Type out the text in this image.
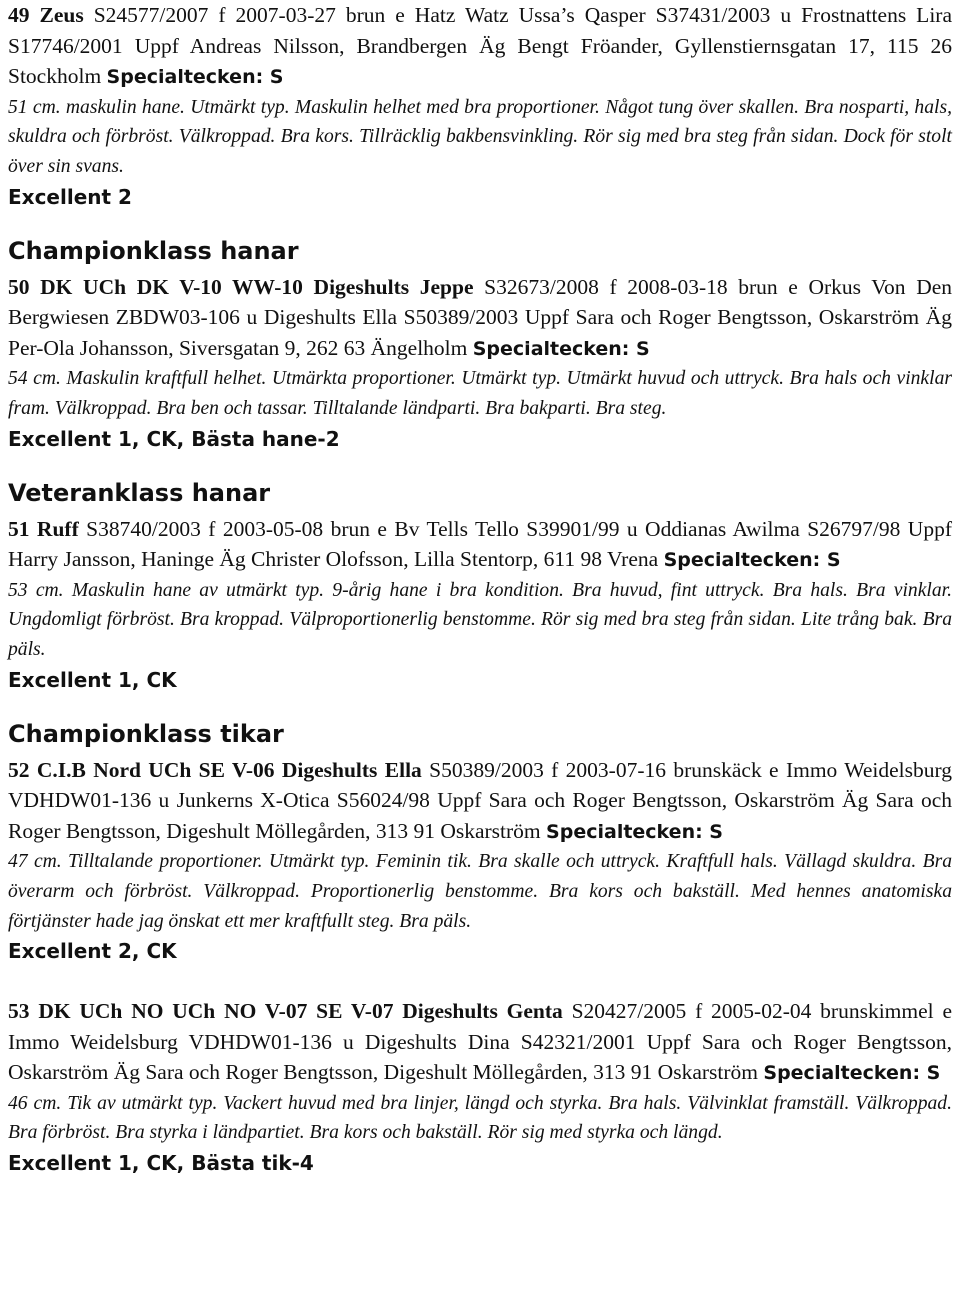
49 Zeus S24577/2007 f 2007-03-27 brun e Hatz Watz Ussa’s Qasper S37431/2003 u Frostnattens Lira S17746/2001 Uppf Andreas Nilsson, Brandbergen Äg Bengt Fröander, Gyllenstiernsgatan 17, 115 26 Stockholm Specialtecken: S

51 cm. maskulin hane. Utmärkt typ. Maskulin helhet med bra proportioner. Något tung över skallen. Bra nosparti, hals, skuldra och förbröst. Välkroppad. Bra kors. Tillräcklig bakbensvinkling. Rör sig med bra steg från sidan. Dock för stolt över sin svans.

Excellent 2

Championklass hanar

50 DK UCh DK V-10 WW-10 Digeshults Jeppe S32673/2008 f 2008-03-18 brun e Orkus Von Den Bergwiesen ZBDW03-106 u Digeshults Ella S50389/2003 Uppf Sara och Roger Bengtsson, Oskarström Äg Per-Ola Johansson, Siversgatan 9, 262 63 Ängelholm Specialtecken: S

54 cm. Maskulin kraftfull helhet. Utmärkta proportioner. Utmärkt typ. Utmärkt huvud och uttryck. Bra hals och vinklar fram. Välkroppad. Bra ben och tassar. Tilltalande ländparti. Bra bakparti. Bra steg.

Excellent 1, CK, Bästa hane-2

Veteranklass hanar

51 Ruff S38740/2003 f 2003-05-08 brun e Bv Tells Tello S39901/99 u Oddianas Awilma S26797/98 Uppf Harry Jansson, Haninge Äg Christer Olofsson, Lilla Stentorp, 611 98 Vrena Specialtecken: S

53 cm. Maskulin hane av utmärkt typ. 9-årig hane i bra kondition. Bra huvud, fint uttryck. Bra hals. Bra vinklar. Ungdomligt förbröst. Bra kroppad. Välproportionerlig benstomme. Rör sig med bra steg från sidan. Lite trång bak. Bra päls.

Excellent 1, CK

Championklass tikar

52 C.I.B Nord UCh SE V-06 Digeshults Ella S50389/2003 f 2003-07-16 brunskäck e Immo Weidelsburg VDHDW01-136 u Junkerns X-Otica S56024/98 Uppf Sara och Roger Bengtsson, Oskarström Äg Sara och Roger Bengtsson, Digeshult Möllegården, 313 91 Oskarström Specialtecken: S

47 cm. Tilltalande proportioner. Utmärkt typ. Feminin tik. Bra skalle och uttryck. Kraftfull hals. Vällagd skuldra. Bra överarm och förbröst. Välkroppad. Proportionerlig benstomme. Bra kors och bakställ. Med hennes anatomiska förtjänster hade jag önskat ett mer kraftfullt steg. Bra päls.

Excellent 2, CK

53 DK UCh NO UCh NO V-07 SE V-07 Digeshults Genta S20427/2005 f 2005-02-04 brunskimmel e Immo Weidelsburg VDHDW01-136 u Digeshults Dina S42321/2001 Uppf Sara och Roger Bengtsson, Oskarström Äg Sara och Roger Bengtsson, Digeshult Möllegården, 313 91 Oskarström Specialtecken: S

46 cm. Tik av utmärkt typ. Vackert huvud med bra linjer, längd och styrka. Bra hals. Välvinklat framställ. Välkroppad. Bra förbröst. Bra styrka i ländpartiet. Bra kors och bakställ. Rör sig med styrka och längd.

Excellent 1, CK, Bästa tik-4
